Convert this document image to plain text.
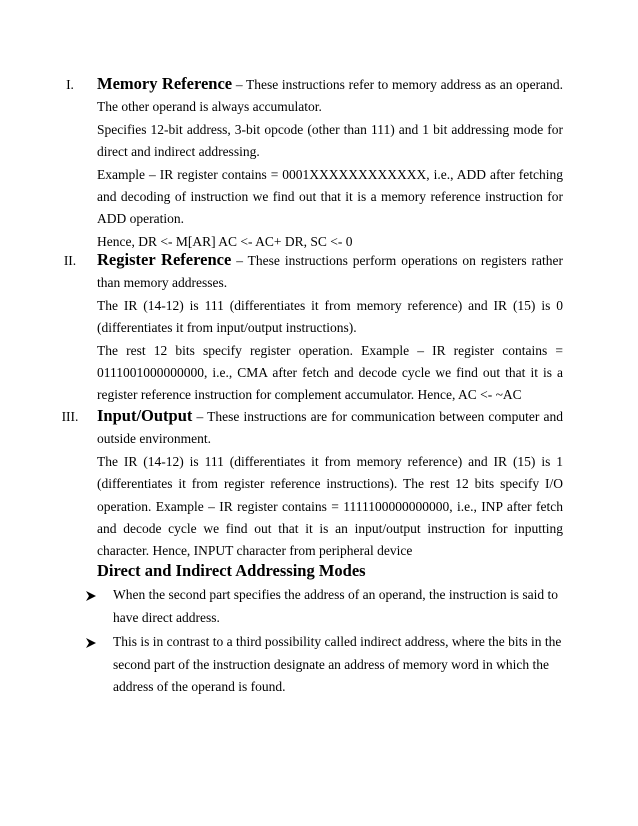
I.	Memory Reference – These instructions refer to memory address as an operand. The other operand is always accumulator.

Specifies 12-bit address, 3-bit opcode (other than 111) and 1 bit addressing mode for direct and indirect addressing.

Example – IR register contains = 0001XXXXXXXXXXXX, i.e., ADD after fetching and decoding of instruction we find out that it is a memory reference instruction for ADD operation.

Hence, DR <- M[AR] AC <- AC+ DR, SC <- 0

II.	Register Reference – These instructions perform operations on registers rather than memory addresses.

The IR (14-12) is 111 (differentiates it from memory reference) and IR (15) is 0 (differentiates it from input/output instructions).

The rest 12 bits specify register operation. Example – IR register contains = 0111001000000000, i.e., CMA after fetch and decode cycle we find out that it is a register reference instruction for complement accumulator. Hence, AC <- ~AC

III.	Input/Output – These instructions are for communication between computer and outside environment.

The IR (14-12) is 111 (differentiates it from memory reference) and IR (15) is 1 (differentiates it from register reference instructions). The rest 12 bits specify I/O operation. Example – IR register contains = 1111100000000000, i.e., INP after fetch and decode cycle we find out that it is an input/output instruction for inputting character. Hence, INPUT character from peripheral device

Direct and Indirect Addressing Modes
When the second part specifies the address of an operand, the instruction is said to have direct address.
This is in contrast to a third possibility called indirect address, where the bits in the second part of the instruction designate an address of memory word in which the address of the operand is found.
